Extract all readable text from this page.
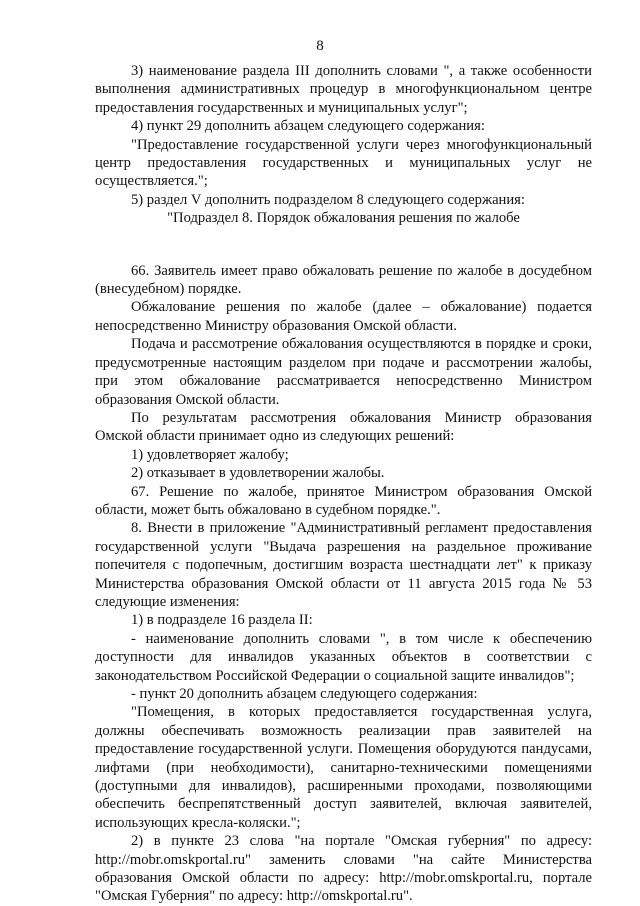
8

3) наименование раздела III дополнить словами ", а также особенности выполнения административных процедур в многофункциональном центре предоставления государственных и муниципальных услуг";

4) пункт 29 дополнить абзацем следующего содержания:

"Предоставление государственной услуги через многофункциональный центр предоставления государственных и муниципальных услуг не осуществляется.";

5) раздел V дополнить подразделом 8 следующего содержания:

"Подраздел 8. Порядок обжалования решения по жалобе

66. Заявитель имеет право обжаловать решение по жалобе в досудебном (внесудебном) порядке.

Обжалование решения по жалобе (далее – обжалование) подается непосредственно Министру образования Омской области.

Подача и рассмотрение обжалования осуществляются в порядке и сроки, предусмотренные настоящим разделом при подаче и рассмотрении жалобы, при этом обжалование рассматривается непосредственно Министром образования Омской области.

По результатам рассмотрения обжалования Министр образования Омской области принимает одно из следующих решений:

1) удовлетворяет жалобу;

2) отказывает в удовлетворении жалобы.

67. Решение по жалобе, принятое Министром образования Омской области, может быть обжаловано в судебном порядке.".

8. Внести в приложение "Административный регламент предоставления государственной услуги "Выдача разрешения на раздельное проживание попечителя с подопечным, достигшим возраста шестнадцати лет" к приказу Министерства образования Омской области от 11 августа 2015 года № 53 следующие изменения:

1) в подразделе 16 раздела II:

- наименование дополнить словами ", в том числе к обеспечению доступности для инвалидов указанных объектов в соответствии с законодательством Российской Федерации о социальной защите инвалидов";

- пункт 20 дополнить абзацем следующего содержания:

"Помещения, в которых предоставляется государственная услуга, должны обеспечивать возможность реализации прав заявителей на предоставление государственной услуги. Помещения оборудуются пандусами, лифтами (при необходимости), санитарно-техническими помещениями (доступными для инвалидов), расширенными проходами, позволяющими обеспечить беспрепятственный доступ заявителей, включая заявителей, использующих кресла-коляски.";

2) в пункте 23 слова "на портале "Омская губерния" по адресу: http://mobr.omskportal.ru" заменить словами "на сайте Министерства образования Омской области по адресу: http://mobr.omskportal.ru, портале "Омская Губерния" по адресу: http://omskportal.ru".
